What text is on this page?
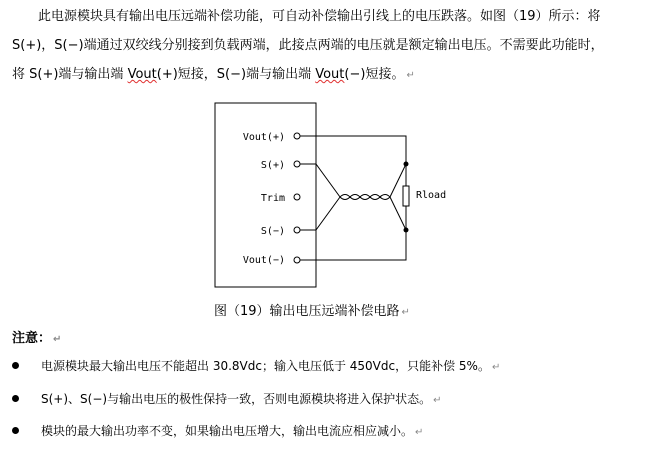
此电源模块具有输出电压远端补偿功能，可自动补偿输出引线上的电压跌落。如图（19）所示：将
S(+)，S(−)端通过双绞线分别接到负载两端，此接点两端的电压就是额定输出电压。不需要此功能时，
将 S(+)端与输出端 Vout(+)短接，S(−)端与输出端 Vout(−)短接。 ↵
Vout(+)
S(+)
Trim
S(−)
Vout(−)
Rload
图（19）输出电压远端补偿电路 ↵
注意： ↵
电源模块最大输出电压不能超出 30.8Vdc；输入电压低于 450Vdc，只能补偿 5%。 ↵
S(+)、S(−)与输出电压的极性保持一致，否则电源模块将进入保护状态。 ↵
模块的最大输出功率不变，如果输出电压增大，输出电流应相应减小。 ↵
